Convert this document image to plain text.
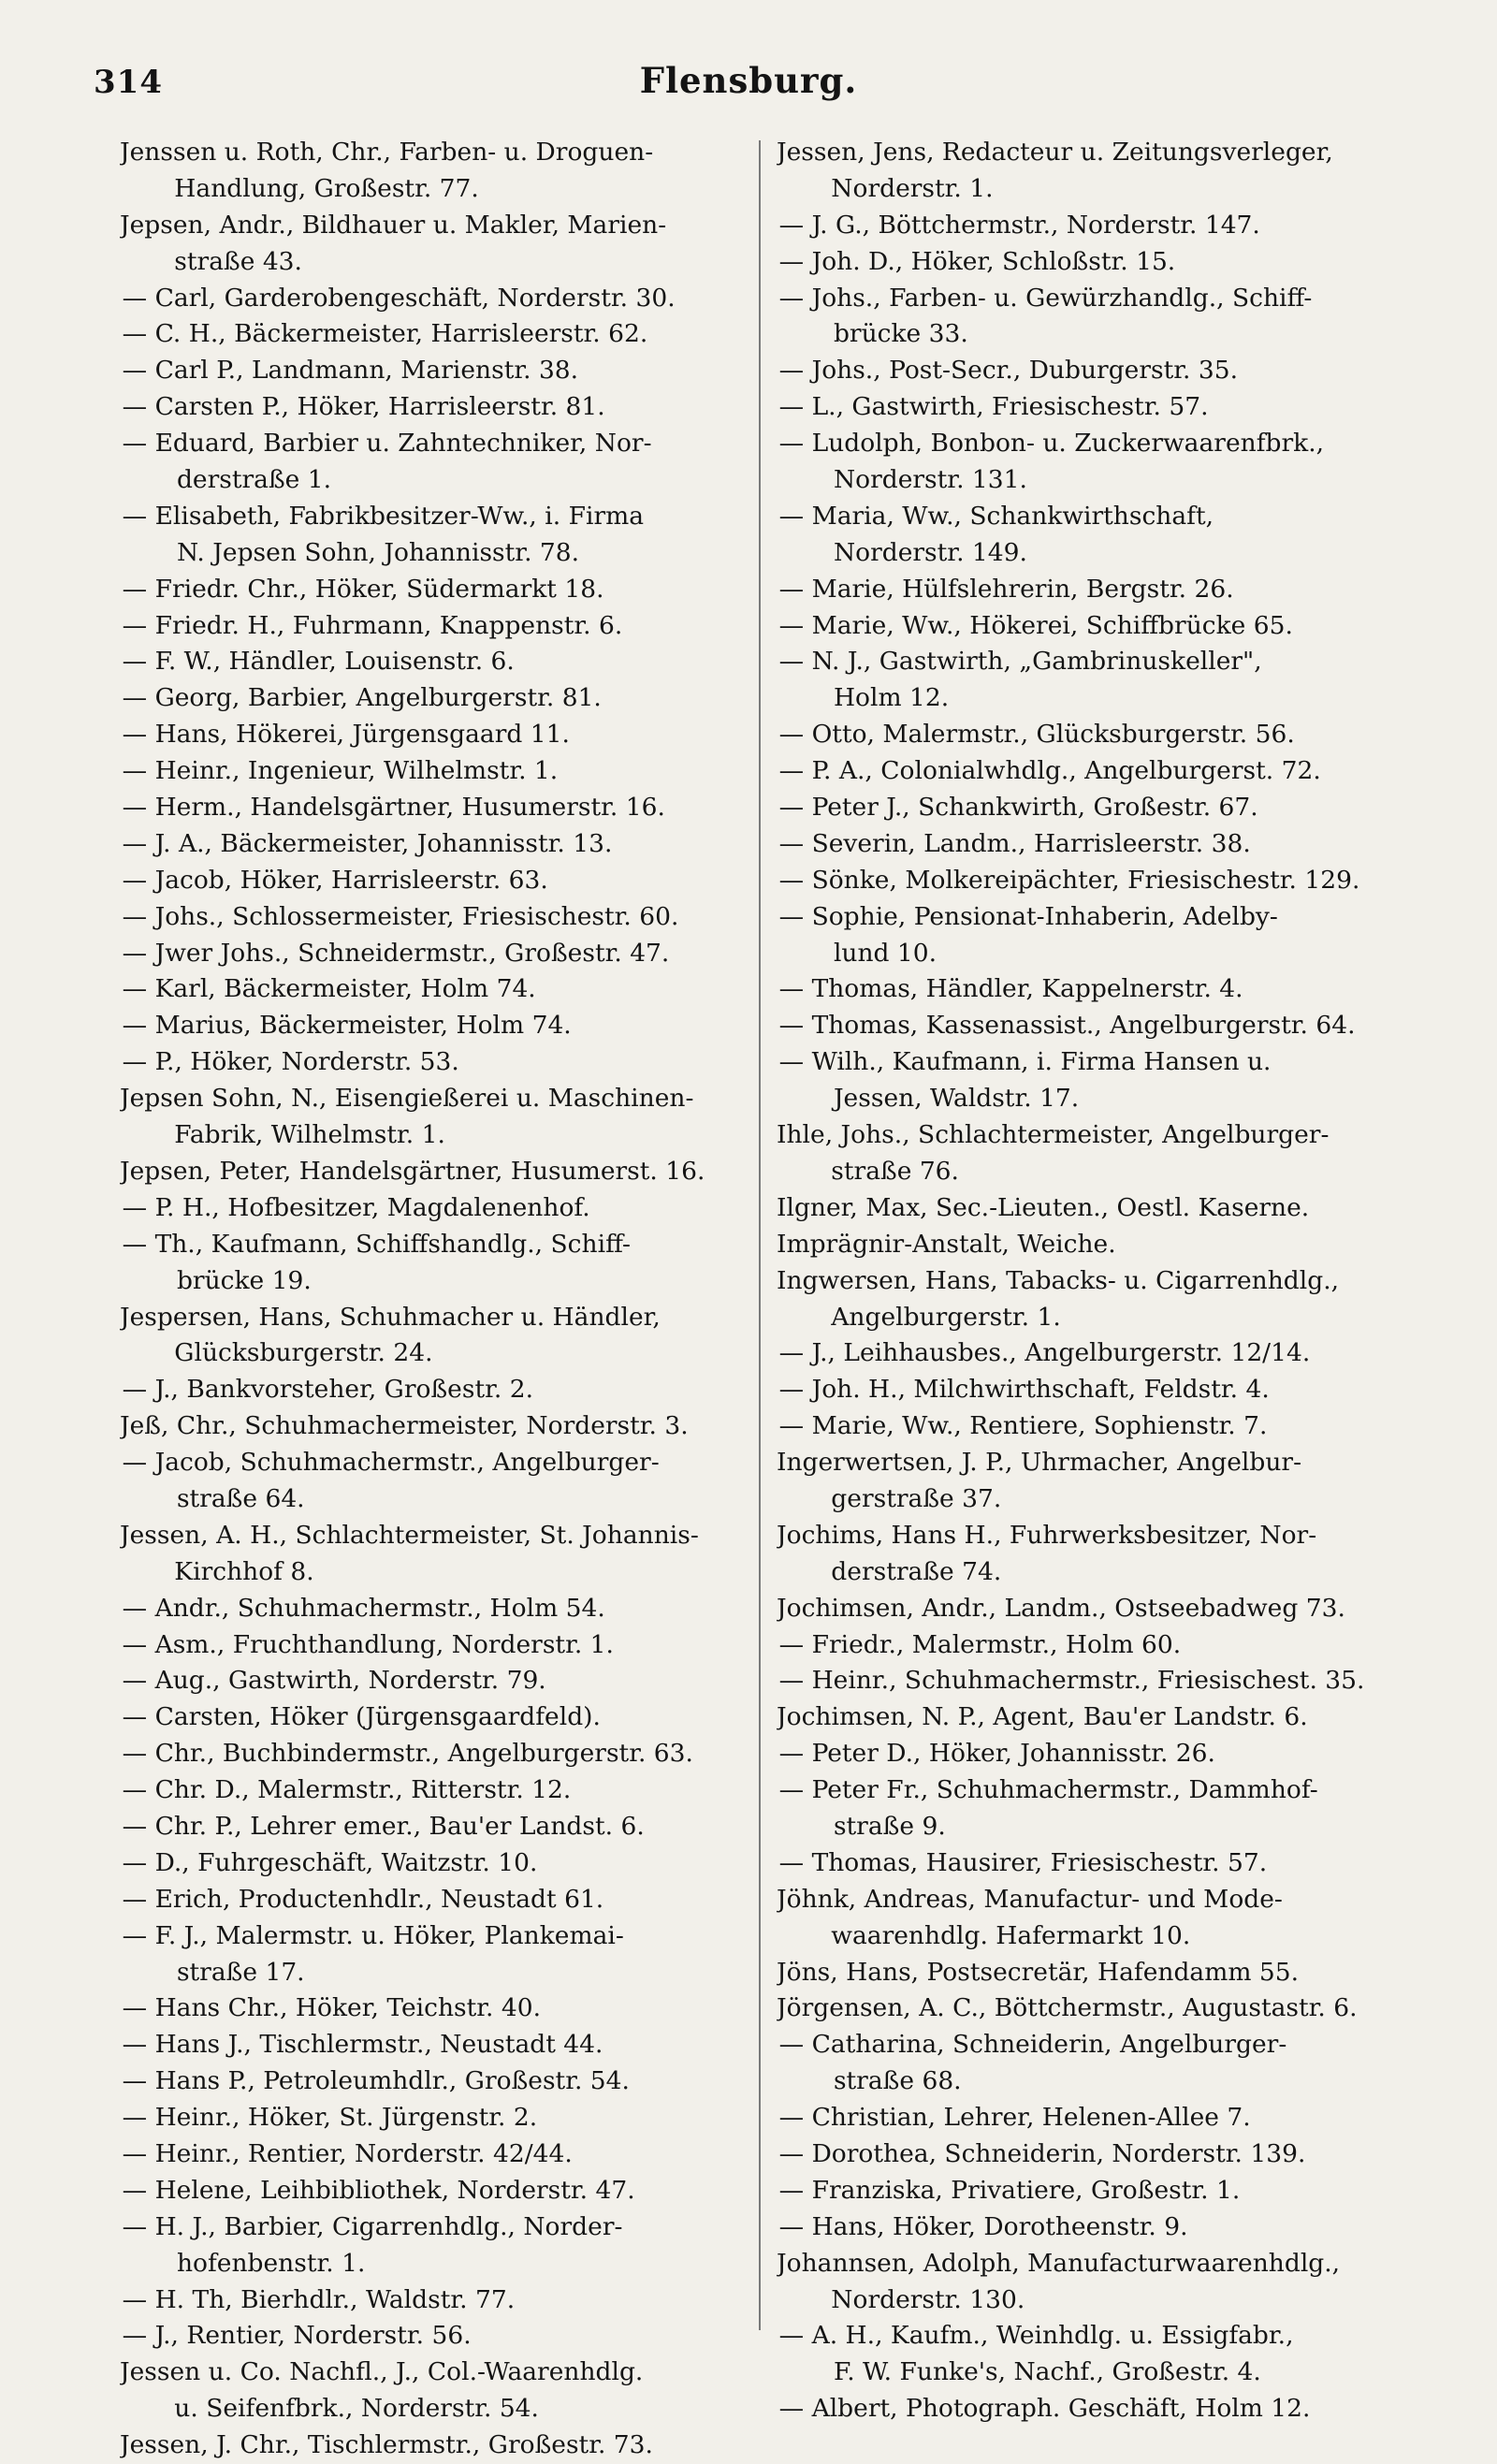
314	Flensburg.
Jenssen u. Roth, Chr., Farben- u. Droguen-
Handlung, Großestr. 77.
Jepsen, Andr., Bildhauer u. Makler, Marien-
straße 43.
— Carl, Garderobengeschäft, Norderstr. 30.
— C. H., Bäckermeister, Harrisleerstr. 62.
— Carl P., Landmann, Marienstr. 38.
— Carsten P., Höker, Harrisleerstr. 81.
— Eduard, Barbier u. Zahntechniker, Nor-
derstraße 1.
— Elisabeth, Fabrikbesitzer-Ww., i. Firma
N. Jepsen Sohn, Johannisstr. 78.
— Friedr. Chr., Höker, Südermarkt 18.
— Friedr. H., Fuhrmann, Knappenstr. 6.
— F. W., Händler, Louisenstr. 6.
— Georg, Barbier, Angelburgerstr. 81.
— Hans, Hökerei, Jürgensgaard 11.
— Heinr., Ingenieur, Wilhelmstr. 1.
— Herm., Handelsgärtner, Husumerstr. 16.
— J. A., Bäckermeister, Johannisstr. 13.
— Jacob, Höker, Harrisleerstr. 63.
— Johs., Schlossermeister, Friesischestr. 60.
— Jwer Johs., Schneidermstr., Großestr. 47.
— Karl, Bäckermeister, Holm 74.
— Marius, Bäckermeister, Holm 74.
— P., Höker, Norderstr. 53.
Jepsen Sohn, N., Eisengießerei u. Maschinen-
Fabrik, Wilhelmstr. 1.
Jepsen, Peter, Handelsgärtner, Husumerst. 16.
— P. H., Hofbesitzer, Magdalenenhof.
— Th., Kaufmann, Schiffshandlg., Schiff-
brücke 19.
Jespersen, Hans, Schuhmacher u. Händler,
Glücksburgerstr. 24.
— J., Bankvorsteher, Großestr. 2.
Jeß, Chr., Schuhmachermeister, Norderstr. 3.
— Jacob, Schuhmachermstr., Angelburger-
straße 64.
Jessen, A. H., Schlachtermeister, St. Johannis-
Kirchhof 8.
— Andr., Schuhmachermstr., Holm 54.
— Asm., Fruchthandlung, Norderstr. 1.
— Aug., Gastwirth, Norderstr. 79.
— Carsten, Höker (Jürgensgaardfeld).
— Chr., Buchbindermstr., Angelburgerstr. 63.
— Chr. D., Malermstr., Ritterstr. 12.
— Chr. P., Lehrer emer., Bau'er Landst. 6.
— D., Fuhrgeschäft, Waitzstr. 10.
— Erich, Productenhdlr., Neustadt 61.
— F. J., Malermstr. u. Höker, Plankemai-
straße 17.
— Hans Chr., Höker, Teichstr. 40.
— Hans J., Tischlermstr., Neustadt 44.
— Hans P., Petroleumhdlr., Großestr. 54.
— Heinr., Höker, St. Jürgenstr. 2.
— Heinr., Rentier, Norderstr. 42/44.
— Helene, Leihbibliothek, Norderstr. 47.
— H. J., Barbier, Cigarrenhdlg., Norder-
hofenbenstr. 1.
— H. Th, Bierhdlr., Waldstr. 77.
— J., Rentier, Norderstr. 56.
Jessen u. Co. Nachfl., J., Col.-Waarenhdlg.
u. Seifenfbrk., Norderstr. 54.
Jessen, J. Chr., Tischlermstr., Großestr. 73.
Jessen, Jens, Redacteur u. Zeitungsverleger,
Norderstr. 1.
— J. G., Böttchermstr., Norderstr. 147.
— Joh. D., Höker, Schloßstr. 15.
— Johs., Farben- u. Gewürzhandlg., Schiff-
brücke 33.
— Johs., Post-Secr., Duburgerstr. 35.
— L., Gastwirth, Friesischestr. 57.
— Ludolph, Bonbon- u. Zuckerwaarenfbrk.,
Norderstr. 131.
— Maria, Ww., Schankwirthschaft,
Norderstr. 149.
— Marie, Hülfslehrerin, Bergstr. 26.
— Marie, Ww., Hökerei, Schiffbrücke 65.
— N. J., Gastwirth, „Gambrinuskeller",
Holm 12.
— Otto, Malermstr., Glücksburgerstr. 56.
— P. A., Colonialwhdlg., Angelburgerst. 72.
— Peter J., Schankwirth, Großestr. 67.
— Severin, Landm., Harrisleerstr. 38.
— Sönke, Molkereipächter, Friesischestr. 129.
— Sophie, Pensionat-Inhaberin, Adelby-
lund 10.
— Thomas, Händler, Kappelnerstr. 4.
— Thomas, Kassenassist., Angelburgerstr. 64.
— Wilh., Kaufmann, i. Firma Hansen u.
Jessen, Waldstr. 17.
Ihle, Johs., Schlachtermeister, Angelburger-
straße 76.
Ilgner, Max, Sec.-Lieuten., Oestl. Kaserne.
Imprägnir-Anstalt, Weiche.
Ingwersen, Hans, Tabacks- u. Cigarrenhdlg.,
Angelburgerstr. 1.
— J., Leihhausbes., Angelburgerstr. 12/14.
— Joh. H., Milchwirthschaft, Feldstr. 4.
— Marie, Ww., Rentiere, Sophienstr. 7.
Ingerwertsen, J. P., Uhrmacher, Angelbur-
gerstraße 37.
Jochims, Hans H., Fuhrwerksbesitzer, Nor-
derstraße 74.
Jochimsen, Andr., Landm., Ostseebadweg 73.
— Friedr., Malermstr., Holm 60.
— Heinr., Schuhmachermstr., Friesischest. 35.
Jochimsen, N. P., Agent, Bau'er Landstr. 6.
— Peter D., Höker, Johannisstr. 26.
— Peter Fr., Schuhmachermstr., Dammhof-
straße 9.
— Thomas, Hausirer, Friesischestr. 57.
Jöhnk, Andreas, Manufactur- und Mode-
waarenhdlg. Hafermarkt 10.
Jöns, Hans, Postsecretär, Hafendamm 55.
Jörgensen, A. C., Böttchermstr., Augustastr. 6.
— Catharina, Schneiderin, Angelburger-
straße 68.
— Christian, Lehrer, Helenen-Allee 7.
— Dorothea, Schneiderin, Norderstr. 139.
— Franziska, Privatiere, Großestr. 1.
— Hans, Höker, Dorotheenstr. 9.
Johannsen, Adolph, Manufacturwaarenhdlg.,
Norderstr. 130.
— A. H., Kaufm., Weinhdlg. u. Essigfabr.,
F. W. Funke's, Nachf., Großestr. 4.
— Albert, Photograph. Geschäft, Holm 12.
